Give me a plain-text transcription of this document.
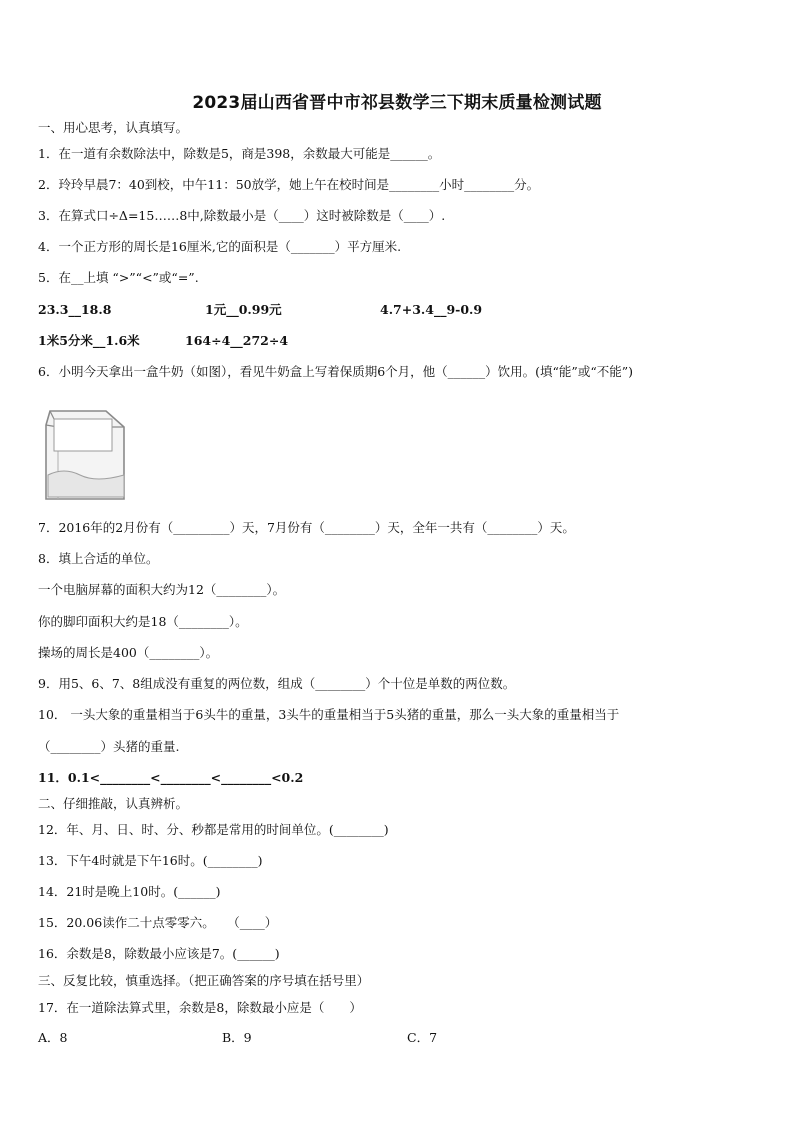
2023届山西省晋中市祁县数学三下期末质量检测试题
一、用心思考，认真填写。
1．在一道有余数除法中，除数是5，商是398，余数最大可能是______。
2．玲玲早晨7：40到校，中午11：50放学，她上午在校时间是________小时________分。
3．在算式口÷Δ=15……8中,除数最小是（____）这时被除数是（____）.
4．一个正方形的周长是16厘米,它的面积是（_______）平方厘米.
5．在__上填 “>”“<”或“=”.
23.3__18.8	1元__0.99元	4.7+3.4__9-0.9
1米5分米__1.6米	164÷4__272÷4
6．小明今天拿出一盒牛奶（如图），看见牛奶盒上写着保质期6个月，他（______）饮用。(填“能”或“不能”)
7．2016年的2月份有（_________）天，7月份有（________）天，全年一共有（________）天。
8．填上合适的单位。
一个电脑屏幕的面积大约为12（________）。
你的脚印面积大约是18（________）。
操场的周长是400（________）。
9．用5、6、7、8组成没有重复的两位数，组成（________）个十位是单数的两位数。
10． 一头大象的重量相当于6头牛的重量，3头牛的重量相当于5头猪的重量，那么一头大象的重量相当于
（________）头猪的重量.
11．0.1<________<________<________<0.2
二、仔细推敲，认真辨析。
12．年、月、日、时、分、秒都是常用的时间单位。(________)
13．下午4时就是下午16时。(________)
14．21时是晚上10时。(______)
15．20.06读作二十点零零六。　　（____）
16．余数是8，除数最小应该是7。(______)
三、反复比较，慎重选择。（把正确答案的序号填在括号里）
17．在一道除法算式里，余数是8，除数最小应是（　　）
A．8	B．9	C．7
